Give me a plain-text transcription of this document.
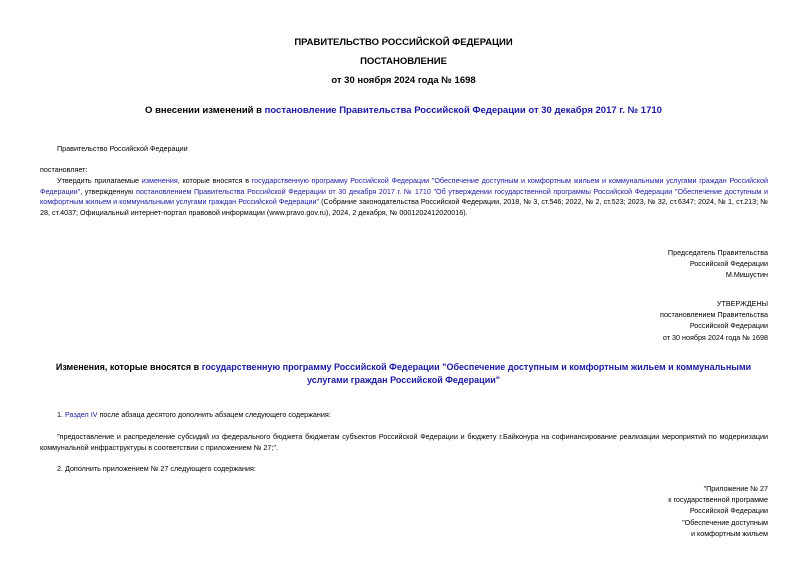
ПРАВИТЕЛЬСТВО РОССИЙСКОЙ ФЕДЕРАЦИИ
ПОСТАНОВЛЕНИЕ
от 30 ноября 2024 года № 1698
О внесении изменений в постановление Правительства Российской Федерации от 30 декабря 2017 г. № 1710
Правительство Российской Федерации
постановляет:
Утвердить прилагаемые изменения, которые вносятся в государственную программу Российской Федерации "Обеспечение доступным и комфортным жильем и коммунальными услугами граждан Российской Федерации", утвержденную постановлением Правительства Российской Федерации от 30 декабря 2017 г. № 1710 "Об утверждении государственной программы Российской Федерации "Обеспечение доступным и комфортным жильем и коммунальными услугами граждан Российской Федерации" (Собрание законодательства Российской Федерации, 2018, № 3, ст.546; 2022, № 2, ст.523; 2023, № 32, ст.6347; 2024, № 1, ст.213; № 28, ст.4037; Официальный интернет-портал правовой информации (www.pravo.gov.ru), 2024, 2 декабря, № 0001202412020016).
Председатель Правительства
Российской Федерации
М.Мишустин
УТВЕРЖДЕНЫ
постановлением Правительства
Российской Федерации
от 30 ноября 2024 года № 1698
Изменения, которые вносятся в государственную программу Российской Федерации "Обеспечение доступным и комфортным жильем и коммунальными услугами граждан Российской Федерации"
1. Раздел IV после абзаца десятого дополнить абзацем следующего содержания:
"предоставление и распределение субсидий из федерального бюджета бюджетам субъектов Российской Федерации и бюджету г.Байконура на софинансирование реализации мероприятий по модернизации коммунальной инфраструктуры в соответствии с приложением № 27;".
2. Дополнить приложением № 27 следующего содержания:
"Приложение № 27
к государственной программе
Российской Федерации
"Обеспечение доступным
и комфортным жильем
